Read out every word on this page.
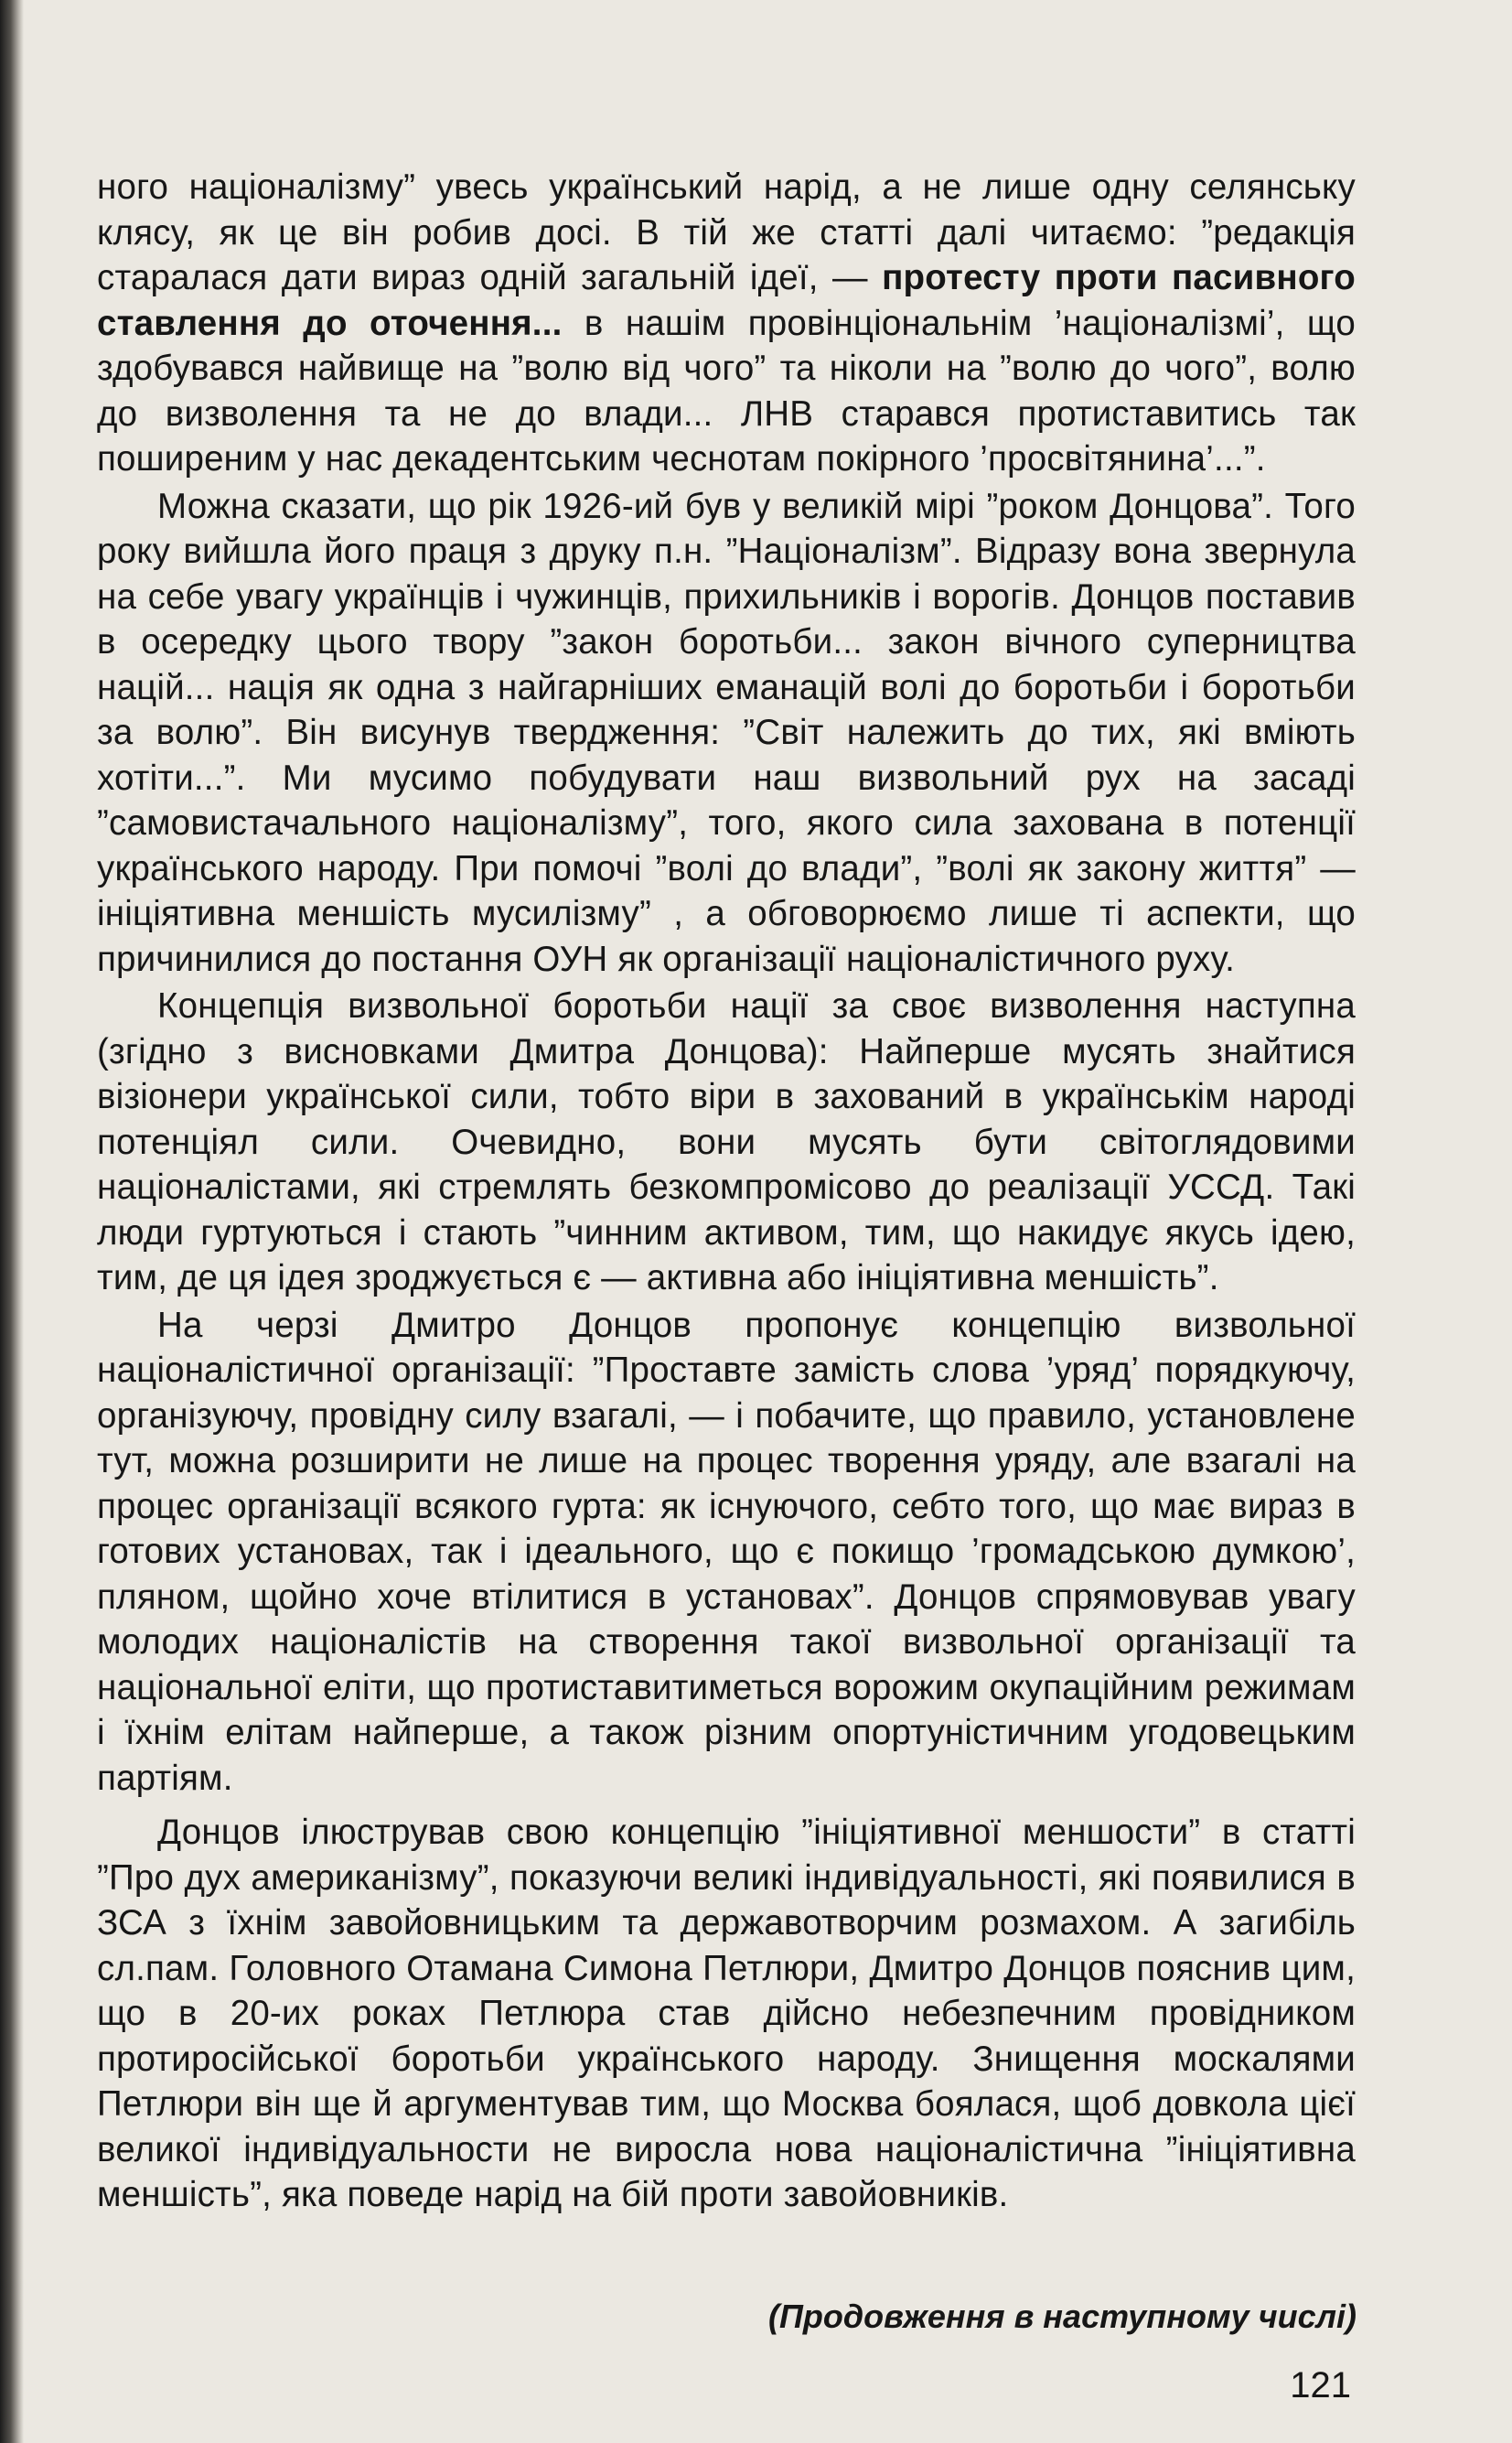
ного націоналізму” увесь український нарід, а не лише одну селянську клясу, як це він робив досі. В тій же статті далі читаємо: ”редакція старалася дати вираз одній загальній ідеї, — протесту проти пасивного ставлення до оточення... в нашім провінціональнім ’націоналізмі’, що здобувався найвище на ”волю від чого” та ніколи на ”волю до чого”, волю до визволення та не до влади... ЛНВ старався протиставитись так поширеним у нас декадентським чеснотам покірного ’просвітянина’...”.

Можна сказати, що рік 1926-ий був у великій мірі ”роком Донцова”. Того року вийшла його праця з друку п.н. ”Націоналізм”. Відразу вона звернула на себе увагу українців і чужинців, прихильників і ворогів. Донцов поставив в осередку цього твору ”закон боротьби... закон вічного суперництва націй... нація як одна з найгарніших еманацій волі до боротьби і боротьби за волю”. Він висунув твердження: ”Світ належить до тих, які вміють хотіти...”. Ми мусимо побудувати наш визвольний рух на засаді ”самовистачального націоналізму”, того, якого сила захована в потенції українського народу. При помочі ”волі до влади”, ”волі як закону життя” — ініціятивна меншість мусилізму” , а обговорюємо лише ті аспекти, що причинилися до постання ОУН як організації націоналістичного руху.

Концепція визвольної боротьби нації за своє визволення наступна (згідно з висновками Дмитра Донцова): Найперше мусять знайтися візіонери української сили, тобто віри в захований в українськім народі потенціял сили. Очевидно, вони мусять бути світоглядовими націоналістами, які стремлять безкомпромісово до реалізації УССД. Такі люди гуртуються і стають ”чинним активом, тим, що накидує якусь ідею, тим, де ця ідея зроджується є — активна або ініціятивна меншість”.

На черзі Дмитро Донцов пропонує концепцію визвольної націоналістичної організації: ”Проставте замість слова ’уряд’ порядкуючу, організуючу, провідну силу взагалі, — і побачите, що правило, установлене тут, можна розширити не лише на процес творення уряду, але взагалі на процес організації всякого гурта: як існуючого, себто того, що має вираз в готових установах, так і ідеального, що є покищо ’громадською думкою’, пляном, щойно хоче втілитися в установах”. Донцов спрямовував увагу молодих націоналістів на створення такої визвольної організації та національної еліти, що протиставитиметься ворожим окупаційним режимам і їхнім елітам найперше, а також різним опортуністичним угодовецьким партіям.

Донцов ілюстрував свою концепцію ”ініціятивної меншости” в статті ”Про дух американізму”, показуючи великі індивідуальності, які появилися в ЗСА з їхнім завойовницьким та державотворчим розмахом. А загибіль сл.пам. Головного Отамана Симона Петлюри, Дмитро Донцов пояснив цим, що в 20-их роках Петлюра став дійсно небезпечним провідником протиросійської боротьби українського народу. Знищення москалями Петлюри він ще й аргументував тим, що Москва боялася, щоб довкола цієї великої індивідуальности не виросла нова націоналістична ”ініціятивна меншість”, яка поведе нарід на бій проти завойовників.

(Продовження в наступному числі)
121
